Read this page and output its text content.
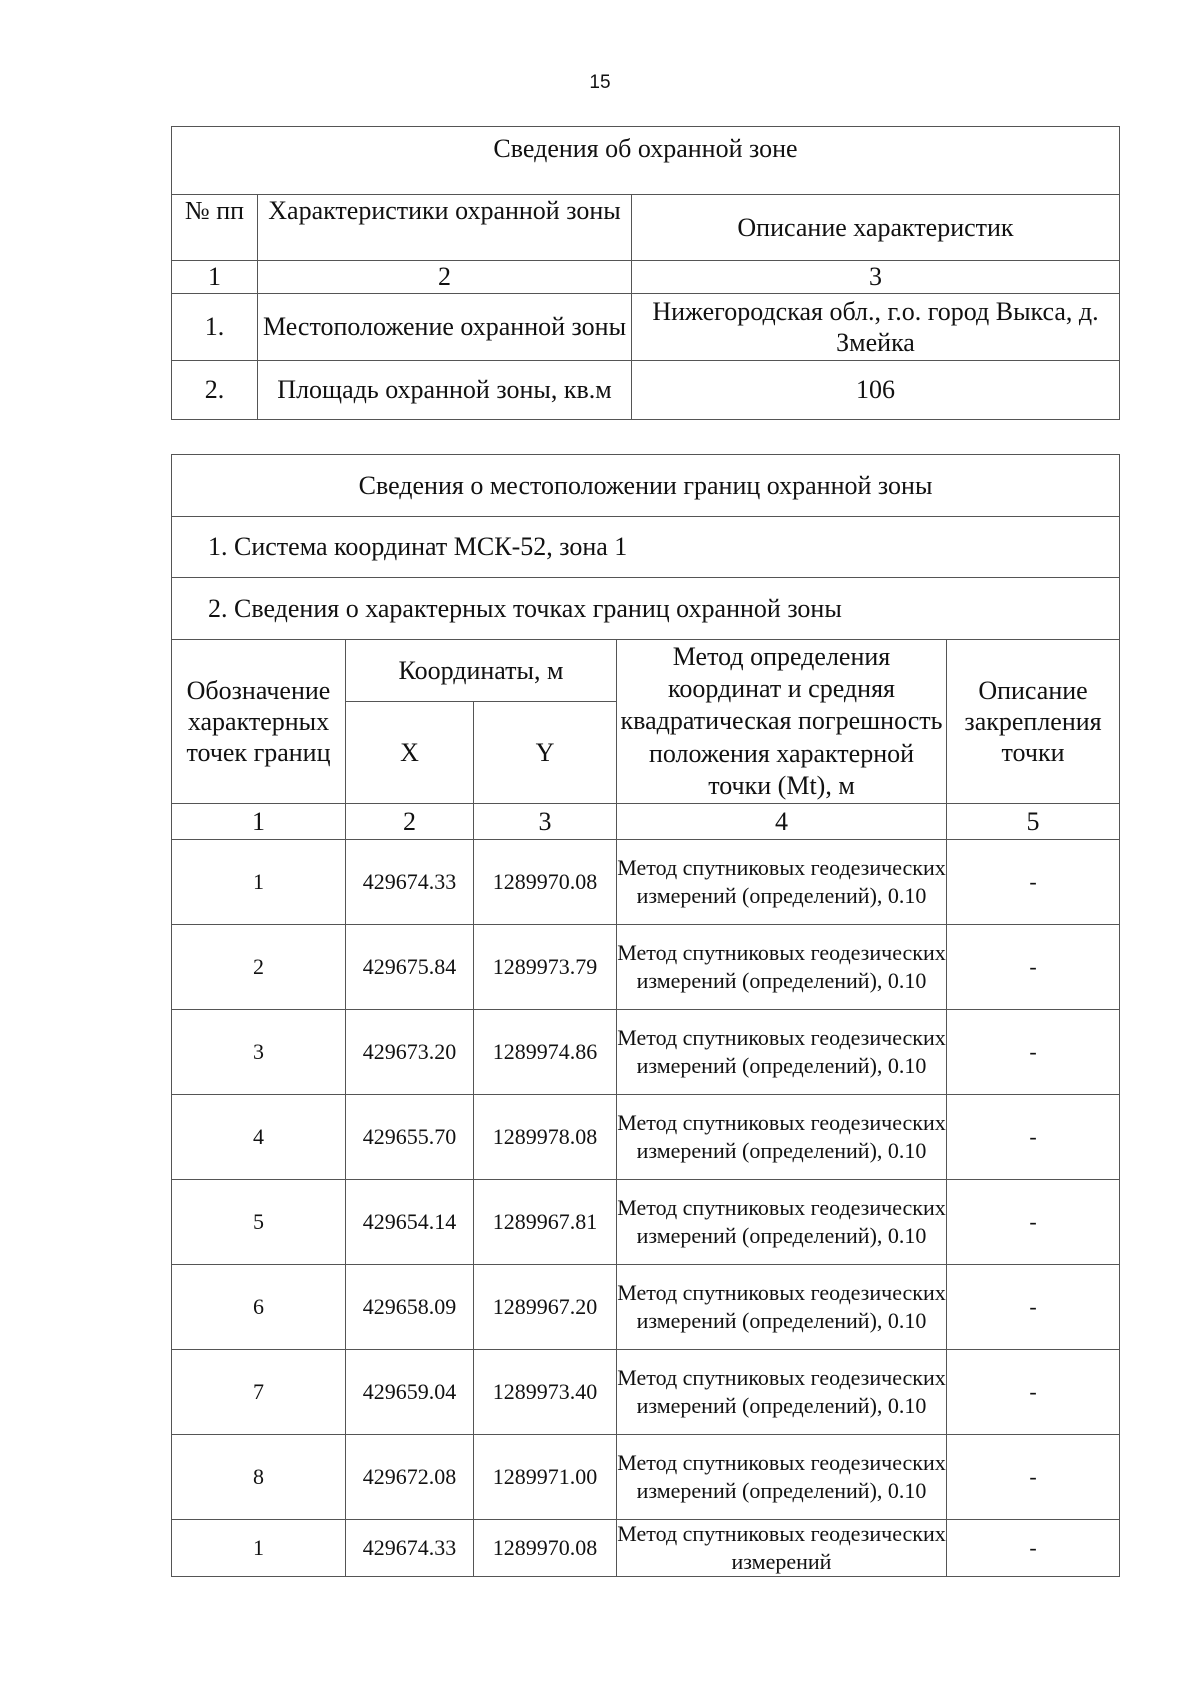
15
Сведения об охранной зоне		
№ пп	Характеристики охранной зоны	Описание характеристик
1	2	3
1.	Местоположение охранной зоны	Нижегородская обл., г.о. город Выкса, д. Змейка
2.	Площадь охранной зоны, кв.м	106
Сведения о местоположении границ охранной зоны				
1. Система координат МСК-52, зона 1				
2. Сведения о характерных точках границ охранной зоны				
Обозначение характерных точек границ	Координаты, м		Метод определения координат и средняя квадратическая погрешность положения характерной точки (Mt), м	Описание закрепления точки
	X	Y		
1	2	3	4	5
1	429674.33	1289970.08	Метод спутниковых геодезических измерений (определений), 0.10	-
2	429675.84	1289973.79	Метод спутниковых геодезических измерений (определений), 0.10	-
3	429673.20	1289974.86	Метод спутниковых геодезических измерений (определений), 0.10	-
4	429655.70	1289978.08	Метод спутниковых геодезических измерений (определений), 0.10	-
5	429654.14	1289967.81	Метод спутниковых геодезических измерений (определений), 0.10	-
6	429658.09	1289967.20	Метод спутниковых геодезических измерений (определений), 0.10	-
7	429659.04	1289973.40	Метод спутниковых геодезических измерений (определений), 0.10	-
8	429672.08	1289971.00	Метод спутниковых геодезических измерений (определений), 0.10	-
1	429674.33	1289970.08	Метод спутниковых геодезических измерений	-
